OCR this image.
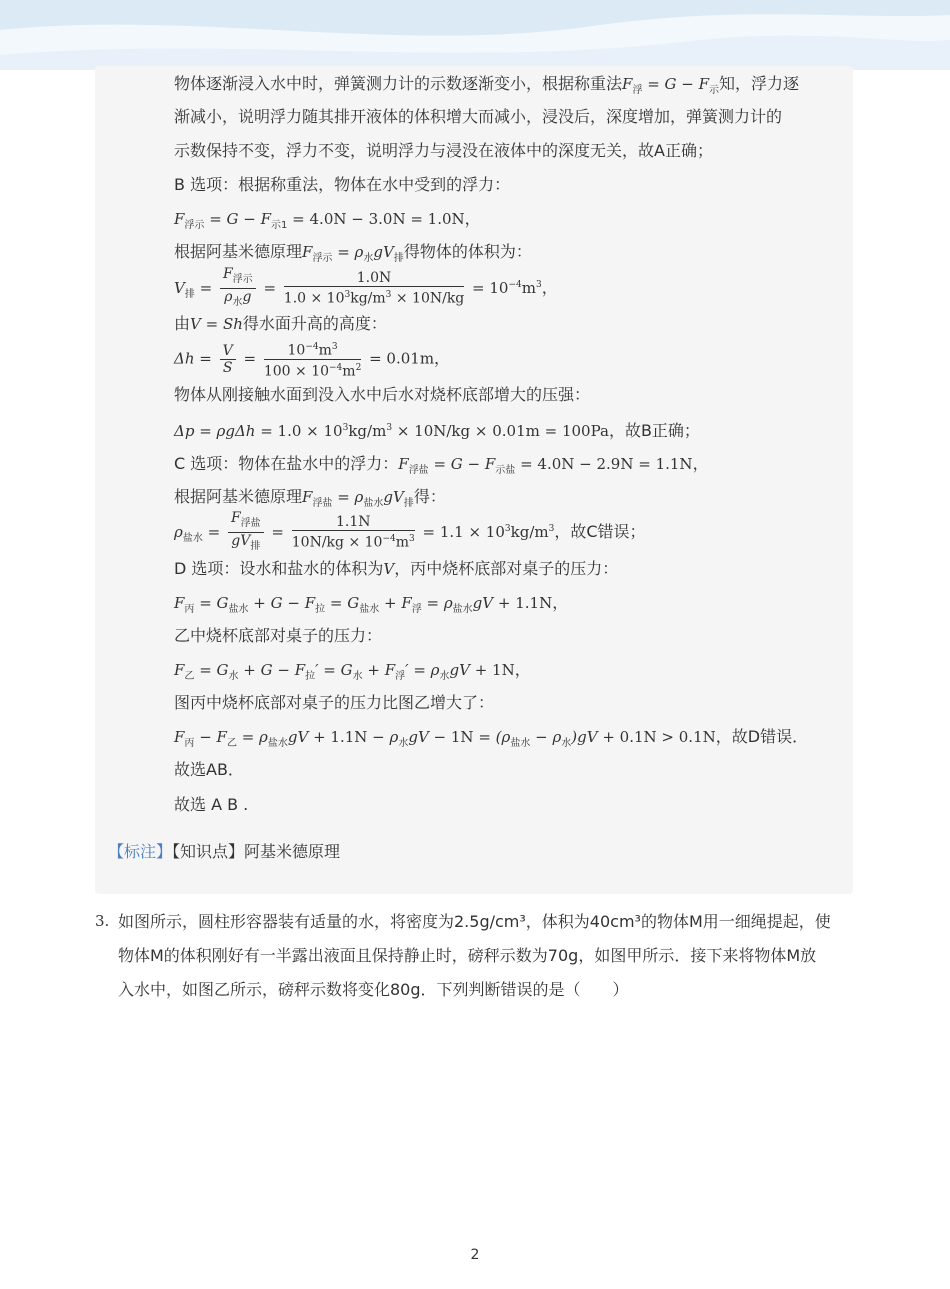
物体逐渐浸入水中时，弹簧测力计的示数逐渐变小，根据称重法$F_浮 = G - F_示$知，浮力逐
渐减小，说明浮力随其排开液体的体积增大而减小，浸没后，深度增加，弹簧测力计的
示数保持不变，浮力不变，说明浮力与浸没在液体中的深度无关，故A正确；
B 选项：根据称重法，物体在水中受到的浮力：
$F_{浮示} = G - F_{示1} = 4.0N - 3.0N = 1.0N$，
根据阿基米德原理$F_{浮示} = \rho_水gV_排$得物体的体积为：
$V_排 = \frac{F_{浮示}}{\rho_水g} = \frac{1.0N}{1.0 \times 10^3kg/m^3 \times 10N/kg} = 10^{-4}m^3$，
由V = Sh得水面升高的高度：
$\Delta h = \frac{V}{S} = \frac{10^{-4}m^3}{100 \times 10^{-4}m^2} = 0.01m$，
物体从刚接触水面到没入水中后水对烧杯底部增大的压强：
$\Delta p = \rho g\Delta h = 1.0 \times 10^3kg/m^3 \times 10N/kg \times 0.01m = 100Pa$，故B正确；
C 选项：物体在盐水中的浮力：$F_{浮盐} = G - F_{示盐} = 4.0N - 2.9N = 1.1N$，
根据阿基米德原理$F_{浮盐} = \rho_{盐水}gV_排$得：
$\rho_{盐水} = \frac{F_{浮盐}}{gV_排} = \frac{1.1N}{10N/kg \times 10^{-4}m^3} = 1.1 \times 10^3kg/m^3$，故C错误；
D 选项：设水和盐水的体积为V，丙中烧杯底部对桌子的压力：
$F_丙 = G_{盐水} + G - F_拉 = G_{盐水} + F_浮 = \rho_{盐水}gV + 1.1N$，
乙中烧杯底部对桌子的压力：
$F_乙 = G_水 + G - F_拉' = G_水 + F_浮' = \rho_水gV + 1N$，
图丙中烧杯底部对桌子的压力比图乙增大了：
$F_丙 - F_乙 = \rho_{盐水}gV + 1.1N - \rho_水gV - 1N = (\rho_{盐水} - \rho_水)gV + 0.1N > 0.1N$，故D错误．
故选AB．
故选 A B .
【标注】【知识点】阿基米德原理
3. 如图所示，圆柱形容器装有适量的水，将密度为2.5g/cm³，体积为40cm³的物体M用一细绳提起，使
物体M的体积刚好有一半露出液面且保持静止时，磅秤示数为70g，如图甲所示．接下来将物体M放
入水中，如图乙所示，磅秤示数将变化80g．下列判断错误的是（　　）
2
